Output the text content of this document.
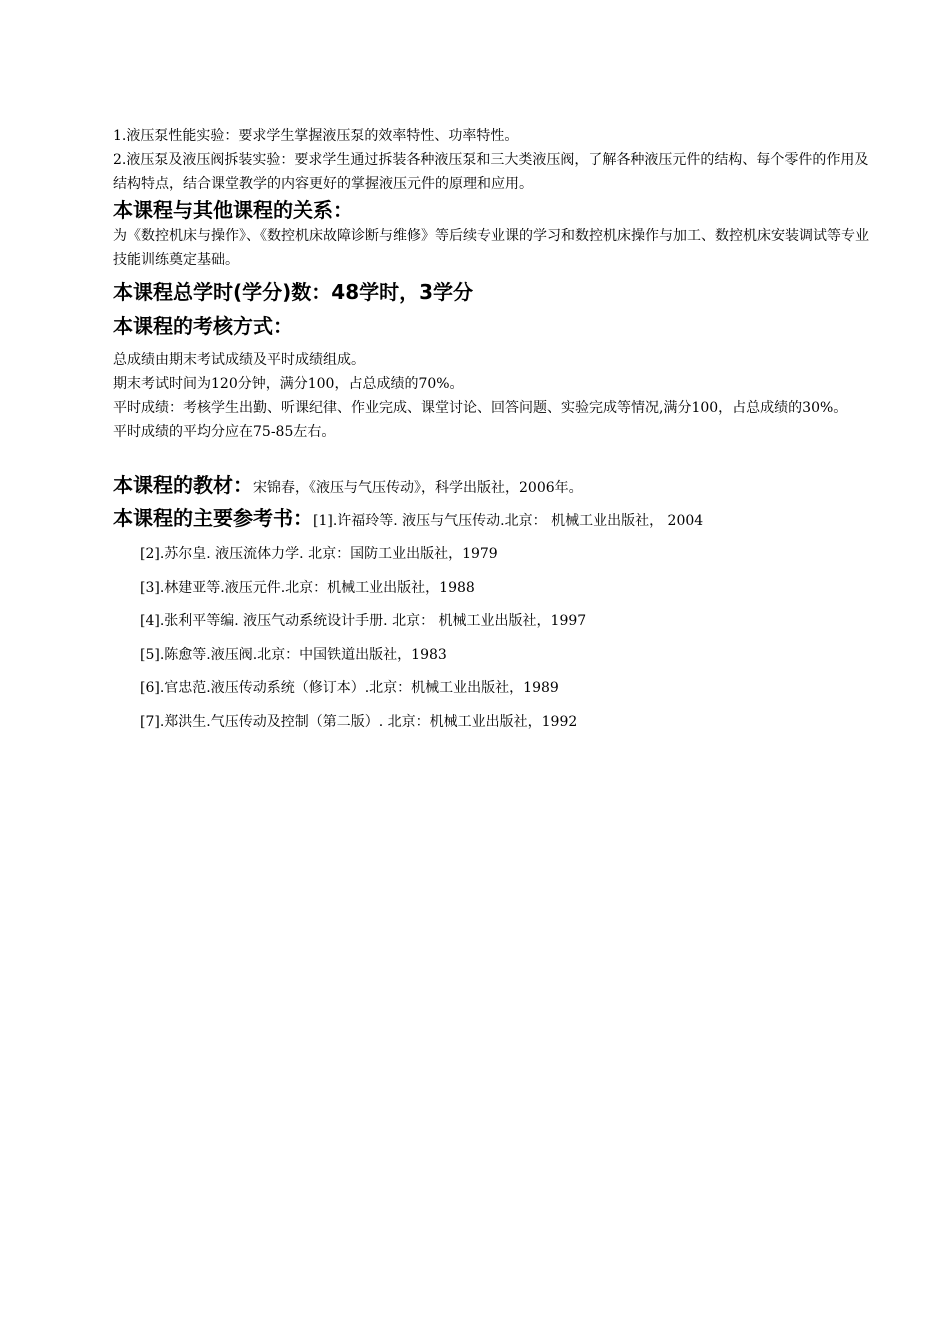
1.液压泵性能实验：要求学生掌握液压泵的效率特性、功率特性。

2.液压泵及液压阀拆装实验：要求学生通过拆装各种液压泵和三大类液压阀，了解各种液压元件的结构、每个零件的作用及结构特点，结合课堂教学的内容更好的掌握液压元件的原理和应用。

本课程与其他课程的关系：

为《数控机床与操作》、《数控机床故障诊断与维修》等后续专业课的学习和数控机床操作与加工、数控机床安装调试等专业技能训练奠定基础。

本课程总学时(学分)数：48学时，3学分
本课程的考核方式：

总成绩由期末考试成绩及平时成绩组成。

期末考试时间为120分钟，满分100，占总成绩的70%。

平时成绩：考核学生出勤、听课纪律、作业完成、课堂讨论、回答问题、实验完成等情况,满分100，占总成绩的30%。

平时成绩的平均分应在75-85左右。

本课程的教材：宋锦春，《液压与气压传动》，科学出版社，2006年。

本课程的主要参考书：[1].许福玲等. 液压与气压传动.北京： 机械工业出版社， 2004

[2].苏尔皇. 液压流体力学. 北京：国防工业出版社，1979

[3].林建亚等.液压元件.北京：机械工业出版社，1988

[4].张利平等编. 液压气动系统设计手册. 北京： 机械工业出版社，1997

[5].陈愈等.液压阀.北京：中国铁道出版社，1983

[6].官忠范.液压传动系统（修订本）.北京：机械工业出版社，1989

[7].郑洪生.气压传动及控制（第二版）. 北京：机械工业出版社，1992
